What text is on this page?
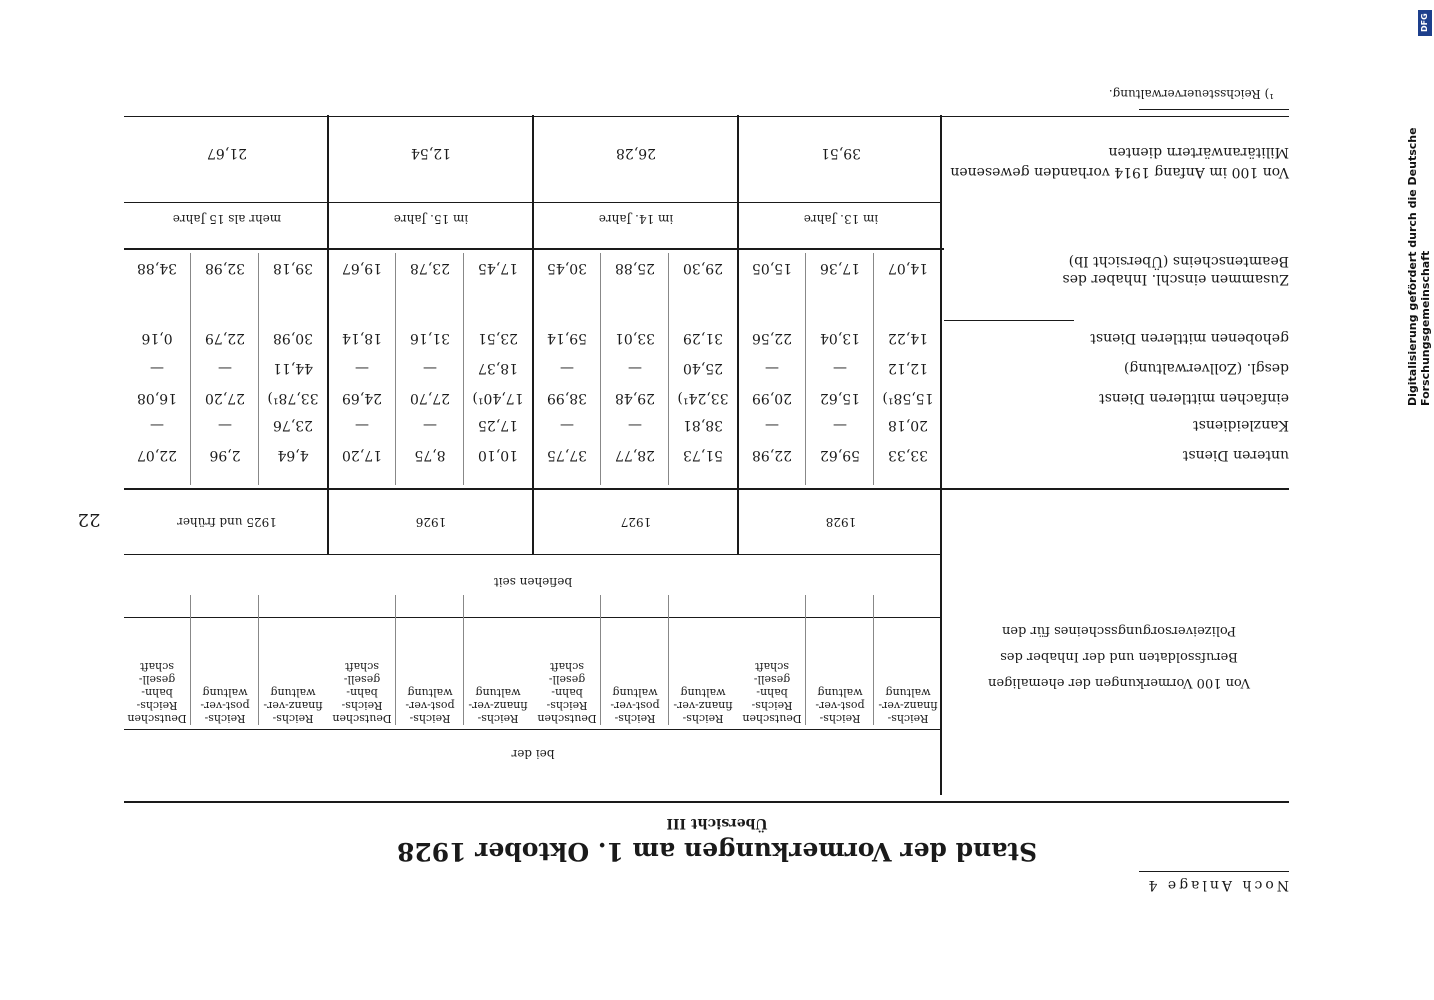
Noch Anlage 4
Stand der Vormerkungen am 1. Oktober 1928
Übersicht III
22
Von 100 Vormerkungen der ehemaligen Berufssoldaten und der Inhaber des Polizeiversorgungsscheines für den
bei der
Reichs-finanz-ver-waltung
Reichs-post-ver-waltung
Deutschen Reichs-bahn-gesell-schaft
Reichs-finanz-ver-waltung
Reichs-post-ver-waltung
Deutschen Reichs-bahn-gesell-schaft
Reichs-finanz-ver-waltung
Reichs-post-ver-waltung
Deutschen Reichs-bahn-gesell-schaft
Reichs-finanz-ver-waltung
Reichs-post-ver-waltung
Deutschen Reichs-bahn-gesell-schaft
befiehen seit
1928
1927
1926
1925 und früher
unteren Dienst
Kanzleidienst
einfachen mittleren Dienst
desgl. (Zollverwaltung)
gehobenen mittleren Dienst
Zusammen einschl. Inhaber des Beamtenscheins (Übersicht Ib)
33,33
59,62
22,98
51,73
28,77
37,75
10,10
8,75
17,20
4,64
2,96
22,07
20,18
—
—
38,81
—
—
17,25
—
—
23,76
—
—
15,58¹)
15,62
20,99
33,24¹)
29,48
38,99
17,40¹)
27,70
24,69
33,78¹)
27,20
16,08
12,12
—
—
25,40
—
—
18,37
—
—
44,11
—
—
14,22
13,04
22,56
31,29
33,01
59,14
23,51
31,16
18,14
30,98
22,79
0,16
14,07
17,36
15,05
29,30
25,88
30,45
17,45
23,78
19,67
39,18
32,98
34,88
im 13. Jahre
im 14. Jahre
im 15. Jahre
mehr als 15 Jahre
Von 100 im Anfang 1914 vorhanden gewesenen Militäranwärtern dienten
39,51
26,28
12,54
21,67
¹) Reichssteuerverwaltung.
DFG
Digitalisierung gefördert durch die Deutsche Forschungsgemeinschaft
